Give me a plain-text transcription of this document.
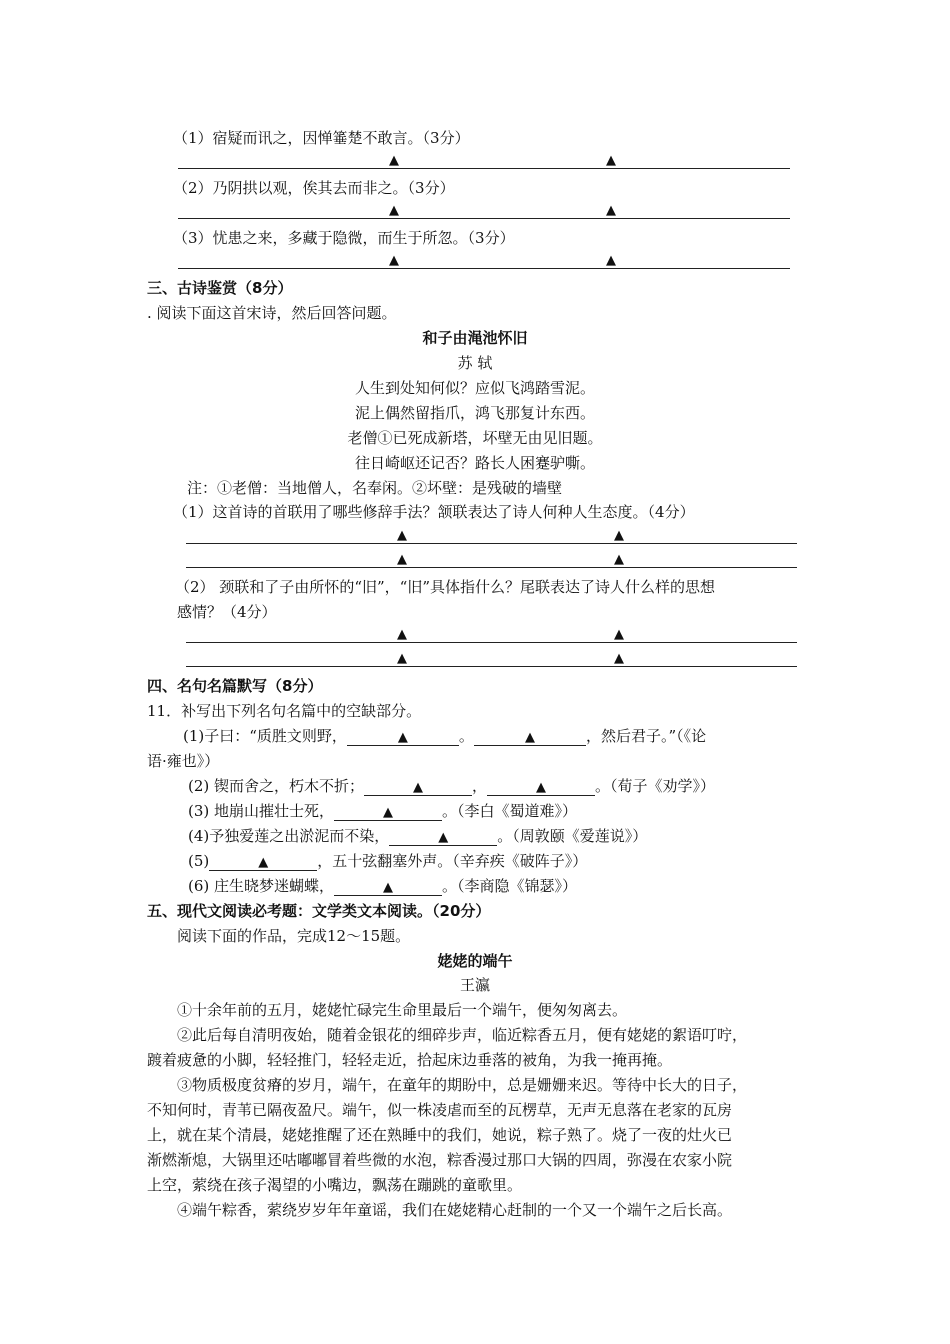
（1）宿疑而讯之，因惮箠楚不敢言。（3分）
▲	▲
（2）乃阴拱以观，俟其去而非之。（3分）
▲	▲
（3）忧患之来，多藏于隐微，而生于所忽。（3分）
▲	▲
三、古诗鉴赏（8分）
. 阅读下面这首宋诗，然后回答问题。
和子由渑池怀旧
苏 轼
人生到处知何似？应似飞鸿踏雪泥。
泥上偶然留指爪，鸿飞那复计东西。
老僧①已死成新塔，坏壁无由见旧题。
往日崎岖还记否？路长人困蹇驴嘶。
注：①老僧：当地僧人，名奉闲。②坏壁：是残破的墙壁
（1）这首诗的首联用了哪些修辞手法？颔联表达了诗人何种人生态度。（4分）
▲	▲
▲	▲
（2） 颈联和了子由所怀的“旧”，“旧”具体指什么？尾联表达了诗人什么样的思想
感情？（4分）
▲	▲
▲	▲
四、名句名篇默写（8分）
11．补写出下列名句名篇中的空缺部分。
(1)子曰：“质胜文则野，	▲	。	▲	，然后君子。”（《论
语·雍也》）
(2) 锲而舍之，朽木不折；	▲	，	▲	。（荀子《劝学》）
(3) 地崩山摧壮士死，	▲	。（李白《蜀道难》）
(4)予独爱莲之出淤泥而不染，	▲	。（周敦颐《爱莲说》）
(5)	▲	，五十弦翻塞外声。（辛弃疾《破阵子》）
(6) 庄生晓梦迷蝴蝶，	▲	。（李商隐《锦瑟》）
五、现代文阅读必考题：文学类文本阅读。（20分）
阅读下面的作品，完成12～15题。
姥姥的端午
王瀛
①十余年前的五月，姥姥忙碌完生命里最后一个端午，便匆匆离去。
②此后每自清明夜始，随着金银花的细碎步声，临近粽香五月，便有姥姥的絮语叮咛，
踱着疲惫的小脚，轻轻推门，轻轻走近，拾起床边垂落的被角，为我一掩再掩。
③物质极度贫瘠的岁月，端午，在童年的期盼中，总是姗姗来迟。等待中长大的日子，
不知何时，青苇已隔夜盈尺。端午，似一株凌虐而至的瓦楞草，无声无息落在老家的瓦房
上，就在某个清晨，姥姥推醒了还在熟睡中的我们，她说，粽子熟了。烧了一夜的灶火已
渐燃渐熄，大锅里还咕嘟嘟冒着些微的水泡，粽香漫过那口大锅的四周，弥漫在农家小院
上空，萦绕在孩子渴望的小嘴边，飘荡在蹦跳的童歌里。
④端午粽香，萦绕岁岁年年童谣，我们在姥姥精心赶制的一个又一个端午之后长高。
